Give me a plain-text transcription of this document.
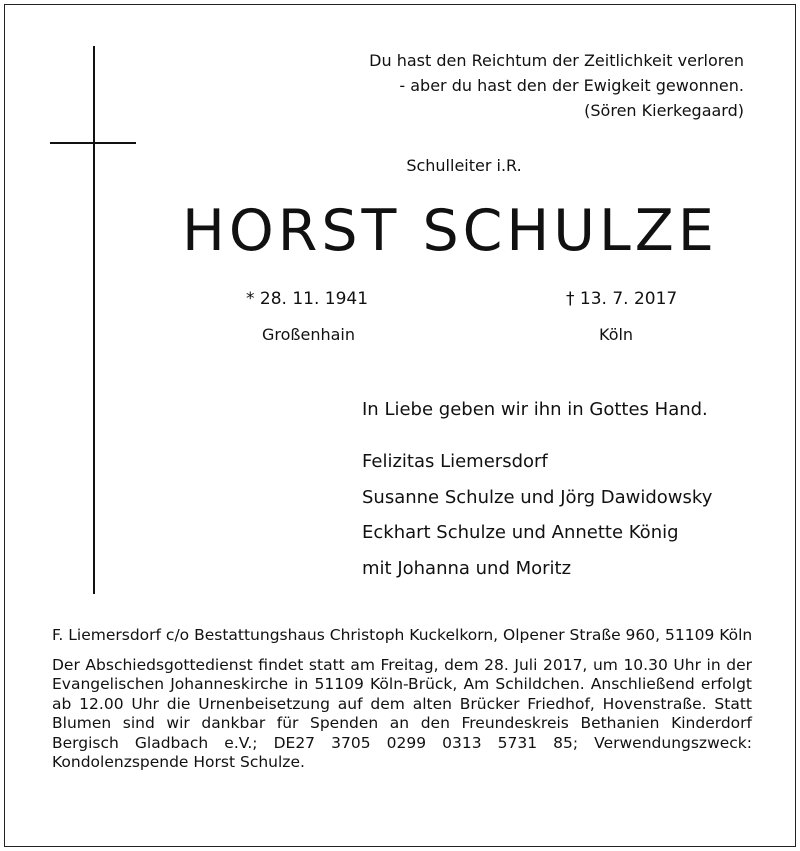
Du hast den Reichtum der Zeitlichkeit verloren
- aber du hast den der Ewigkeit gewonnen.
(Sören Kierkegaard)
Schulleiter i.R.
HORST SCHULZE
* 28. 11. 1941
Großenhain
† 13. 7. 2017
Köln
In Liebe geben wir ihn in Gottes Hand.
Felizitas Liemersdorf
Susanne Schulze und Jörg Dawidowsky
Eckhart Schulze und Annette König
mit Johanna und Moritz
F. Liemersdorf c/o Bestattungshaus Christoph Kuckelkorn, Olpener Straße 960, 51109 Köln
Der Abschiedsgottedienst findet statt am Freitag, dem 28. Juli 2017, um 10.30 Uhr in der Evangelischen Johanneskirche in 51109 Köln-Brück, Am Schildchen. Anschließend erfolgt ab 12.00 Uhr die Urnenbeisetzung auf dem alten Brücker Friedhof, Hovenstraße. Statt Blumen sind wir dankbar für Spenden an den Freundeskreis Bethanien Kinderdorf Bergisch Gladbach e.V.; DE27 3705 0299 0313 5731 85; Verwendungszweck: Kondolenzspende Horst Schulze.
